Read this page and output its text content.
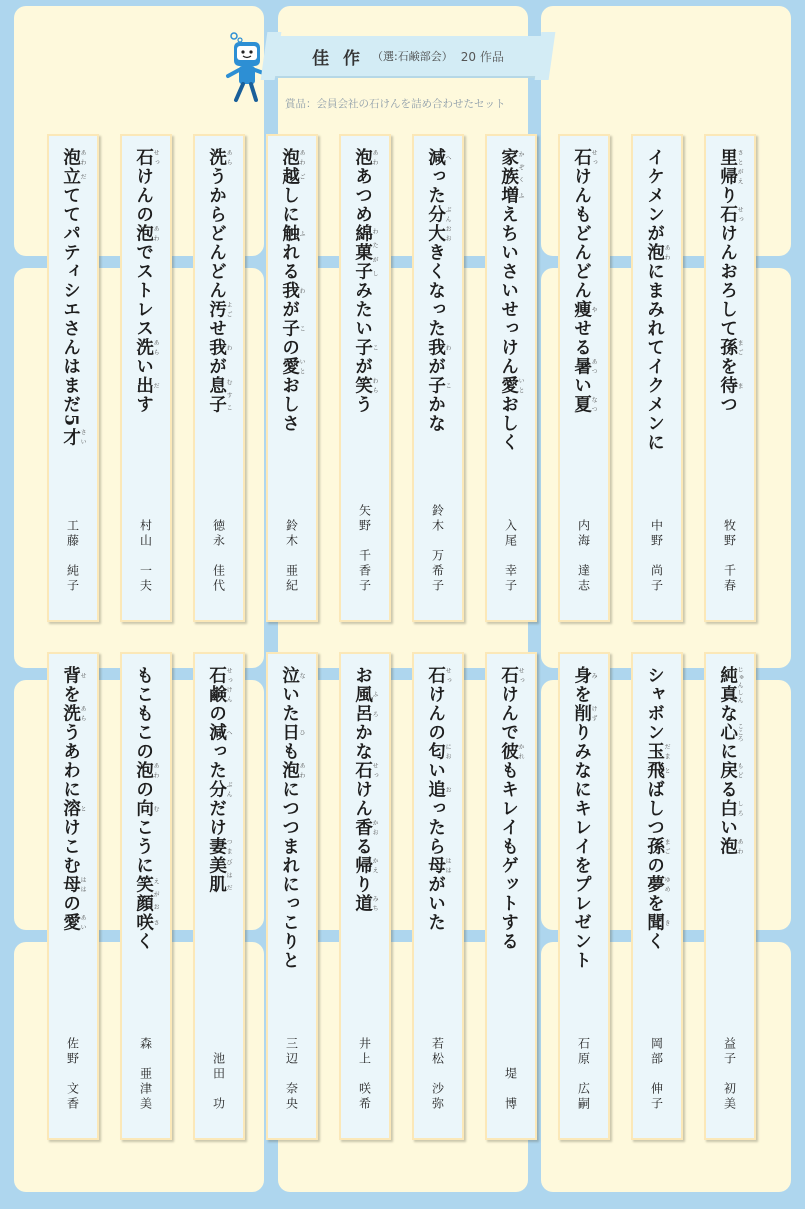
佳 作 （選:石鹸部会） 20 作品
賞品：会員会社の石けんを詰め合わせたセット
泡あわ立だててパティシエさんはまだ5才さい
工藤　純子
石せっけんの泡あわでストレス洗あらい出だす
村山　一夫
洗あらうからどんどん汚よごせ我わが息子むすこ
徳永　佳代
泡あわ越ごしに触ふれる我わが子この愛いとおしさ
鈴木　亜紀
泡あわあつめ綿菓子わたがしみたい子こが笑わらう
矢野　千香子
減へった分大ぶんおおきくなった我わが子こかな
鈴木　万希子
家族かぞく増ふえちいさいせっけん愛いとおしく
入尾　幸子
石せっけんもどんどん痩やせる暑あつい夏なつ
内海　達志
イケメンが泡あわにまみれてイクメンに
中野　尚子
里帰さとがえり石せっけんおろして孫まごを待まつ
牧野　千春
背せを洗あらうあわに溶とけこむ母ははの愛あい
佐野　文香
もこもこの泡あわの向むこうに笑顔えがお咲さく
森　亜津美
石鹸せっけんの減へった分ぶんだけ妻つま美肌びはだ
池田　功
泣ないた日ひも泡あわにつつまれにっこりと
三辺　奈央
お風呂ふろかな石せっけん香かおる帰かえり道みち
井上　咲希
石せっけんの匂におい追おったら母ははがいた
若松　沙弥
石せっけんで彼かれもキレイもゲットする
堤　博
身みを削けずりみなにキレイをプレゼント
石原　広嗣
シャボン玉だま飛とばしつ孫まごの夢ゆめを聞きく
岡部　伸子
純真じゅんしんな心こころに戻もどる白しろい泡あわ
益子　初美
